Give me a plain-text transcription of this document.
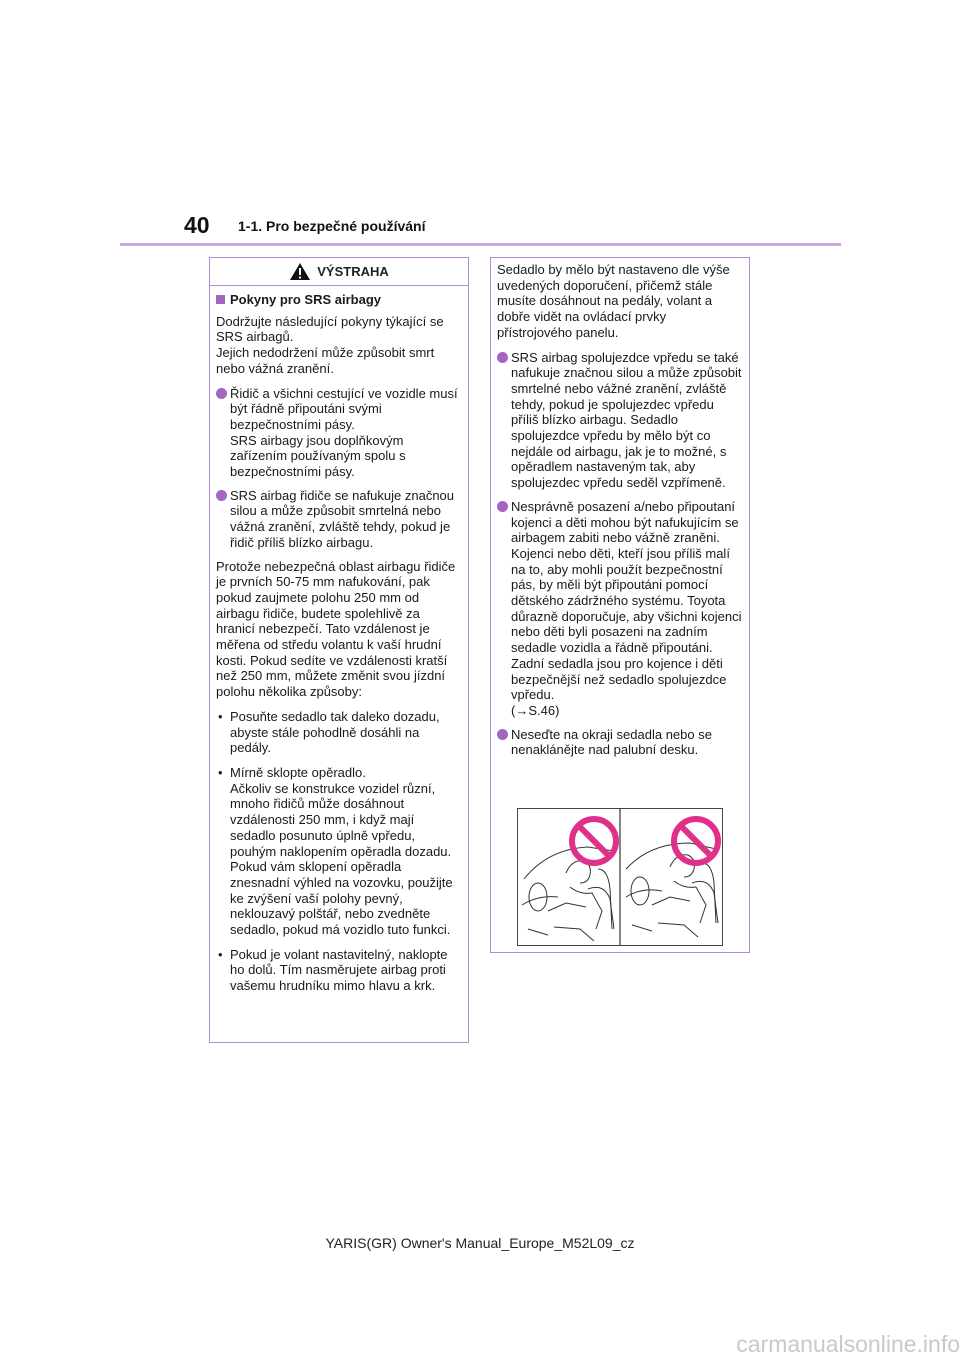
40 1-1. Pro bezpečné používání
VÝSTRAHA
Pokyny pro SRS airbagy

Dodržujte následující pokyny týkající se SRS airbagů.
Jejich nedodržení může způsobit smrt nebo vážná zranění.

Řidič a všichni cestující ve vozidle musí být řádně připoutáni svými bezpečnostními pásy.
SRS airbagy jsou doplňkovým zařízením používaným spolu s bezpečnostními pásy.
SRS airbag řidiče se nafukuje značnou silou a může způsobit smrtelná nebo vážná zranění, zvláště tehdy, pokud je řidič příliš blízko airbagu.

Protože nebezpečná oblast airbagu řidiče je prvních 50-75 mm nafukování, pak pokud zaujmete polohu 250 mm od airbagu řidiče, budete spolehlivě za hranicí nebezpečí. Tato vzdálenost je měřena od středu volantu k vaší hrudní kosti. Pokud sedíte ve vzdálenosti kratší než 250 mm, můžete změnit svou jízdní polohu několika způsoby:

• Posuňte sedadlo tak daleko dozadu, abyste stále pohodlně dosáhli na pedály.
• Mírně sklopte opěradlo.
Ačkoliv se konstrukce vozidel různí, mnoho řidičů může dosáhnout vzdálenosti 250 mm, i když mají sedadlo posunuto úplně vpředu, pouhým naklopením opěradla dozadu. Pokud vám sklopení opěradla znesnadní výhled na vozovku, použijte ke zvýšení vaší polohy pevný, neklouzavý polštář, nebo zvedněte sedadlo, pokud má vozidlo tuto funkci.
• Pokud je volant nastavitelný, naklopte ho dolů. Tím nasměrujete airbag proti vašemu hrudníku mimo hlavu a krk.

Sedadlo by mělo být nastaveno dle výše uvedených doporučení, přičemž stále musíte dosáhnout na pedály, volant a dobře vidět na ovládací prvky přístrojového panelu.

SRS airbag spolujezdce vpředu se také nafukuje značnou silou a může způsobit smrtelné nebo vážné zranění, zvláště tehdy, pokud je spolujezdec vpředu příliš blízko airbagu. Sedadlo spolujezdce vpředu by mělo být co nejdále od airbagu, jak je to možné, s opěradlem nastaveným tak, aby spolujezdec vpředu seděl vzpřímeně.
Nesprávně posazení a/nebo připoutaní kojenci a děti mohou být nafukujícím se airbagem zabiti nebo vážně zraněni. Kojenci nebo děti, kteří jsou příliš malí na to, aby mohli použít bezpečnostní pás, by měli být připoutáni pomocí dětského zádržného systému. Toyota důrazně doporučuje, aby všichni kojenci nebo děti byli posazeni na zadním sedadle vozidla a řádně připoutáni. Zadní sedadla jsou pro kojence i děti bezpečnější než sedadlo spolujezdce vpředu.
(→S.46)
Neseďte na okraji sedadla nebo se nenaklánějte nad palubní desku.
YARIS(GR) Owner's Manual_Europe_M52L09_cz
carmanualsonline.info
